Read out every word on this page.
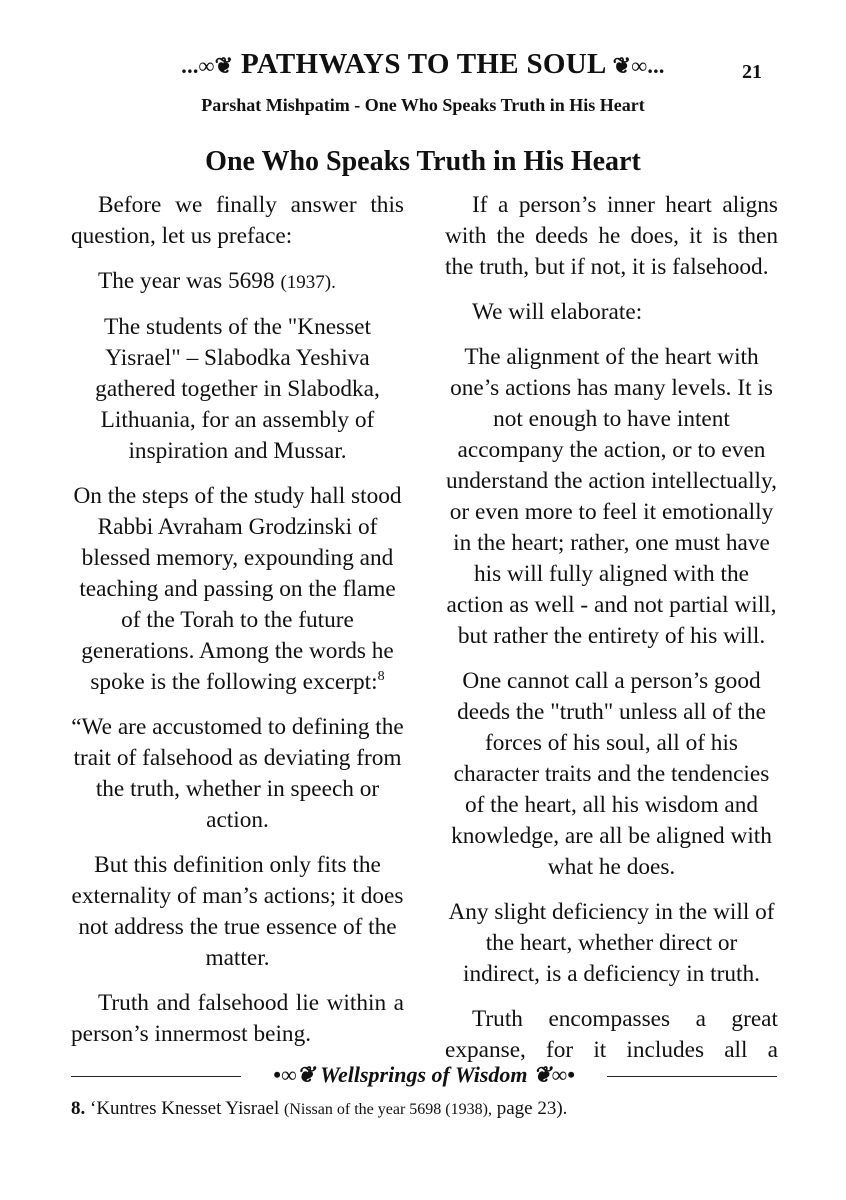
...∞❦ PATHWAYS TO THE SOUL ❦∞...	21
Parshat Mishpatim - One Who Speaks Truth in His Heart
One Who Speaks Truth in His Heart

Before we finally answer this question, let us preface:

The year was 5698 (1937).

The students of the "Knesset Yisrael" – Slabodka Yeshiva gathered together in Slabodka, Lithuania, for an assembly of inspiration and Mussar.

On the steps of the study hall stood Rabbi Avraham Grodzinski of blessed memory, expounding and teaching and passing on the flame of the Torah to the future generations. Among the words he spoke is the following excerpt:$^8$

“We are accustomed to defining the trait of falsehood as deviating from the truth, whether in speech or action.

But this definition only fits the externality of man’s actions; it does not address the true essence of the matter.

Truth and falsehood lie within a person’s innermost being.

If a person’s inner heart aligns with the deeds he does, it is then the truth, but if not, it is falsehood.

We will elaborate:

The alignment of the heart with one’s actions has many levels. It is not enough to have intent accompany the action, or to even understand the action intellectually, or even more to feel it emotionally in the heart; rather, one must have his will fully aligned with the action as well - and not partial will, but rather the entirety of his will.

One cannot call a person’s good deeds the "truth" unless all of the forces of his soul, all of his character traits and the tendencies of the heart, all his wisdom and knowledge, are all be aligned with what he does.

Any slight deficiency in the will of the heart, whether direct or indirect, is a deficiency in truth.

Truth encompasses a great expanse, for it includes all a

•∞❦ Wellsprings of Wisdom ❦∞•
8. ‘Kuntres Knesset Yisrael (Nissan of the year 5698 (1938), page 23).
